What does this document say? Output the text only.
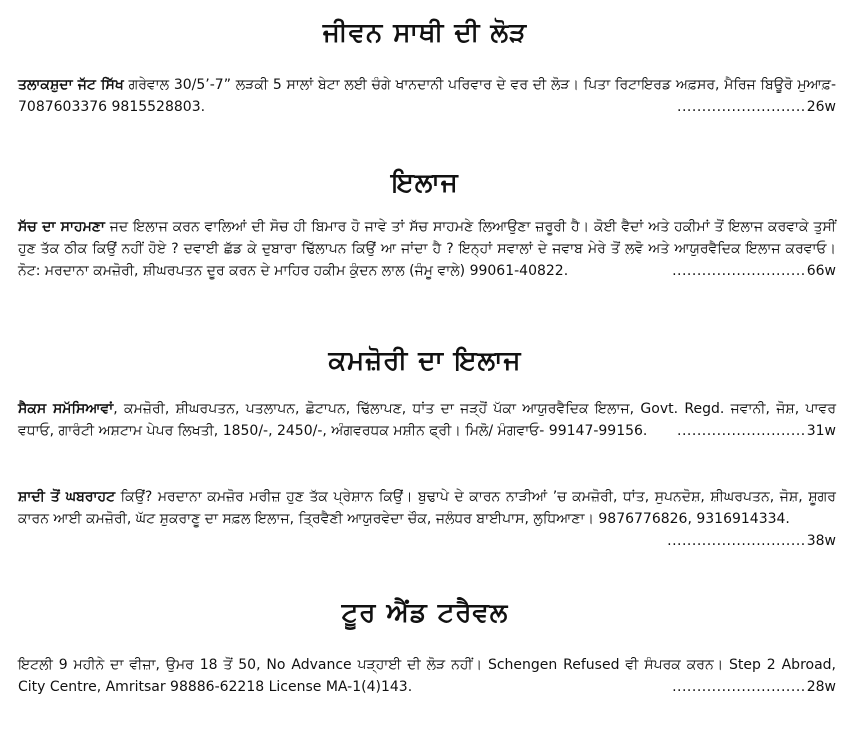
ਜੀਵਨ ਸਾਥੀ ਦੀ ਲੋੜ
ਤਲਾਕਸ਼ੁਦਾ ਜੱਟ ਸਿੱਖ ਗਰੇਵਾਲ 30/5’-7” ਲੜਕੀ 5 ਸਾਲਾਂ ਬੇਟਾ ਲਈ ਚੰਗੇ ਖਾਨਦਾਨੀ ਪਰਿਵਾਰ ਦੇ ਵਰ ਦੀ ਲੋੜ। ਪਿਤਾ ਰਿਟਾਇਰਡ ਅਫ਼ਸਰ, ਮੈਰਿਜ ਬਿਊਰੋ ਮੁਆਫ਼- 7087603376 9815528803.	..........................26w
ਇਲਾਜ
ਸੱਚ ਦਾ ਸਾਹਮਣਾ ਜਦ ਇਲਾਜ ਕਰਨ ਵਾਲਿਆਂ ਦੀ ਸੋਚ ਹੀ ਬਿਮਾਰ ਹੋ ਜਾਵੇ ਤਾਂ ਸੱਚ ਸਾਹਮਣੇ ਲਿਆਉਣਾ ਜ਼ਰੂਰੀ ਹੈ। ਕੋਈ ਵੈਦਾਂ ਅਤੇ ਹਕੀਮਾਂ ਤੋਂ ਇਲਾਜ ਕਰਵਾਕੇ ਤੁਸੀਂ ਹੁਣ ਤੱਕ ਠੀਕ ਕਿਉਂ ਨਹੀਂ ਹੋਏ ? ਦਵਾਈ ਛੱਡ ਕੇ ਦੁਬਾਰਾ ਢਿੱਲਾਪਨ ਕਿਉਂ ਆ ਜਾਂਦਾ ਹੈ ? ਇਨ੍ਹਾਂ ਸਵਾਲਾਂ ਦੇ ਜਵਾਬ ਮੇਰੇ ਤੋਂ ਲਵੋ ਅਤੇ ਆਯੁਰਵੈਦਿਕ ਇਲਾਜ ਕਰਵਾਓ। ਨੋਟ: ਮਰਦਾਨਾ ਕਮਜ਼ੋਰੀ, ਸ਼ੀਘਰਪਤਨ ਦੂਰ ਕਰਨ ਦੇ ਮਾਹਿਰ ਹਕੀਮ ਕੁੰਦਨ ਲਾਲ (ਜੰਮੂ ਵਾਲੇ) 99061-40822.	...........................66w
ਕਮਜ਼ੋਰੀ ਦਾ ਇਲਾਜ
ਸੈਕਸ ਸਮੱਸਿਆਵਾਂ, ਕਮਜ਼ੋਰੀ, ਸ਼ੀਘਰਪਤਨ, ਪਤਲਾਪਨ, ਛੋਟਾਪਨ, ਢਿੱਲਾਪਣ, ਧਾਂਤ ਦਾ ਜੜ੍ਹੋਂ ਪੱਕਾ ਆਯੁਰਵੈਦਿਕ ਇਲਾਜ, Govt. Regd. ਜਵਾਨੀ, ਜੋਸ਼, ਪਾਵਰ ਵਧਾਓ, ਗਾਰੰਟੀ ਅਸ਼ਟਾਮ ਪੇਪਰ ਲਿਖਤੀ, 1850/-, 2450/-, ਅੰਗਵਰਧਕ ਮਸ਼ੀਨ ਫ੍ਰੀ। ਮਿਲੋ/ ਮੰਗਵਾਓ- 99147-99156. ..........................31w
ਸ਼ਾਦੀ ਤੋਂ ਘਬਰਾਹਟ ਕਿਉਂ? ਮਰਦਾਨਾ ਕਮਜ਼ੋਰ ਮਰੀਜ਼ ਹੁਣ ਤੱਕ ਪ੍ਰੇਸ਼ਾਨ ਕਿਉਂ। ਬੁਢਾਪੇ ਦੇ ਕਾਰਨ ਨਾੜੀਆਂ ’ਚ ਕਮਜ਼ੋਰੀ, ਧਾਂਤ, ਸੁਪਨਦੋਸ਼, ਸ਼ੀਘਰਪਤਨ, ਜੋਸ਼, ਸ਼ੂਗਰ ਕਾਰਨ ਆਈ ਕਮਜ਼ੋਰੀ, ਘੱਟ ਸ਼ੁਕਰਾਣੂ ਦਾ ਸਫ਼ਲ ਇਲਾਜ, ਤ੍ਰਿਵੈਣੀ ਆਯੁਰਵੇਦਾ ਚੌਕ, ਜਲੰਧਰ ਬਾਈਪਾਸ, ਲੁਧਿਆਣਾ। 9876776826, 9316914334.
............................38w
ਟੂਰ ਐਂਡ ਟਰੈਵਲ
ਇਟਲੀ 9 ਮਹੀਨੇ ਦਾ ਵੀਜ਼ਾ, ਉਮਰ 18 ਤੋਂ 50, No Advance ਪੜ੍ਹਾਈ ਦੀ ਲੋੜ ਨਹੀਂ। Schengen Refused ਵੀ ਸੰਪਰਕ ਕਰਨ। Step 2 Abroad, City Centre, Amritsar 98886-62218 License MA-1(4)143.	...........................28w
